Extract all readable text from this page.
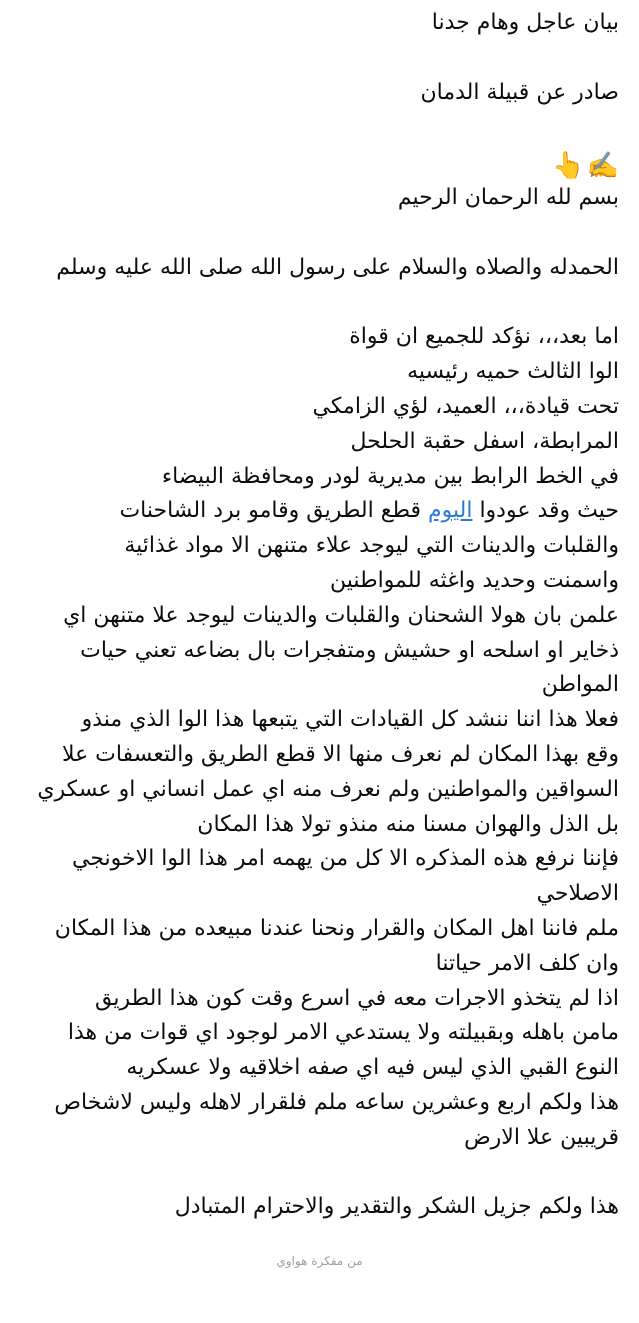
بيان عاجل وهام جدنا

صادر عن قبيلة الدمان

✍️
👆

بسم لله الرحمان الرحيم

الحمدله والصلاه والسلام على رسول الله صلى الله عليه وسلم

اما بعد،،، نؤكد للجميع ان قواة

الوا الثالث حميه رئيسيه

تحت قيادة،،، العميد، لؤي الزامكي

المرابطة، اسفل حقبة الحلحل

في الخط الرابط بين مديرية لودر ومحافظة البيضاء

حيث وقد عودوا اليوم قطع الطريق وقامو برد الشاحنات

والقلبات والدينات التي ليوجد علاء متنهن الا مواد غذائية

واسمنت وحديد واغثه للمواطنين

علمن بان هولا الشحنان والقلبات والدينات ليوجد علا متنهن اي

ذخاير او اسلحه او حشيش ومتفجرات بال بضاعه تعني حيات

المواطن

فعلا هذا اننا ننشد كل القيادات التي يتبعها هذا الوا الذي منذو

وقع بهذا المكان لم نعرف منها الا قطع الطريق والتعسفات علا

السواقين والمواطنين ولم نعرف منه اي عمل انساني او عسكري

بل الذل والهوان مسنا منه منذو تولا هذا المكان

فإننا نرفع هذه المذكره الا كل من يهمه امر هذا الوا الاخونجي

الاصلاحي

ملم فاننا اهل المكان والقرار ونحنا عندنا مبيعده من هذا المكان

وان كلف الامر حياتنا

اذا لم يتخذو الاجرات معه في اسرع وقت كون هذا الطريق

مامن باهله وبقبيلته ولا يستدعي الامر لوجود اي قوات من هذا

النوع القبي الذي ليس فيه اي صفه اخلاقيه ولا عسكريه

هذا ولكم اربع وعشرين ساعه ملم فلقرار لاهله وليس لاشخاص

قريبين علا الارض

هذا ولكم جزيل الشكر والتقدير والاحترام المتبادل

من مفكرة هواوي
